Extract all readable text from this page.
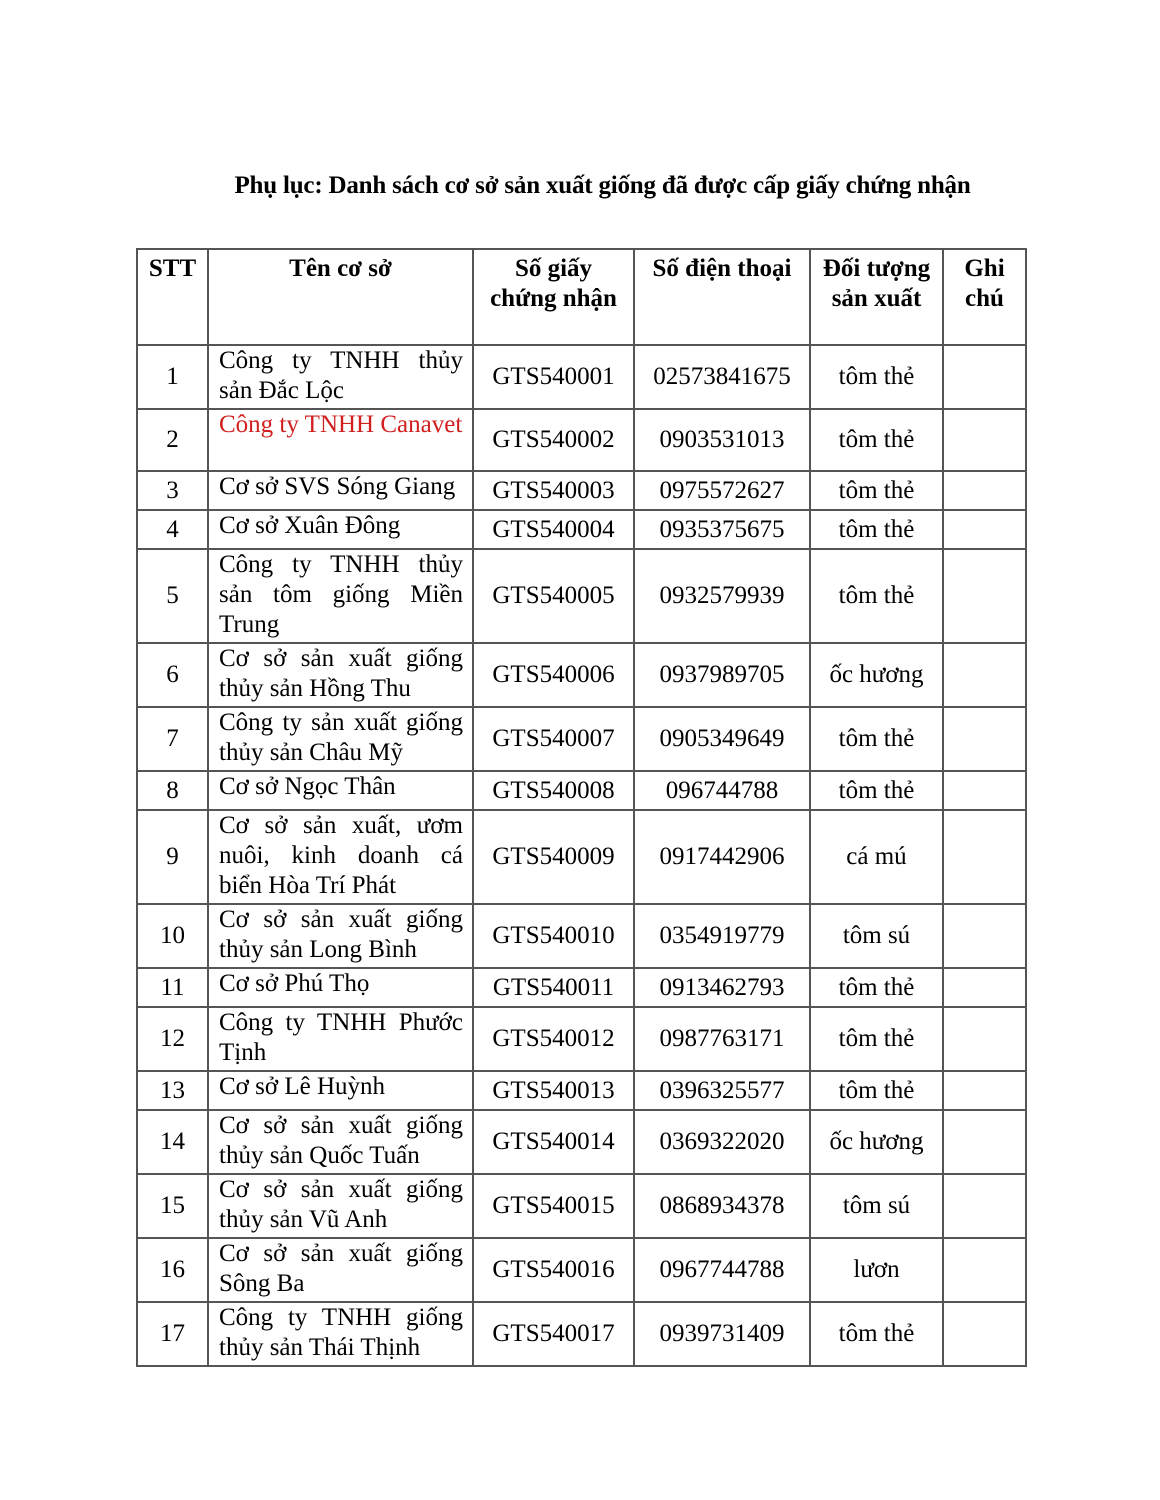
Phụ lục: Danh sách cơ sở sản xuất giống đã được cấp giấy chứng nhận
STT	Tên cơ sở	Số giấy chứng nhận	Số điện thoại	Đối tượng sản xuất	Ghi chú
1	Công ty TNHH thủy sản Đắc Lộc	GTS540001	02573841675	tôm thẻ	
2	Công ty TNHH Canavet	GTS540002	0903531013	tôm thẻ	
3	Cơ sở SVS Sóng Giang	GTS540003	0975572627	tôm thẻ	
4	Cơ sở Xuân Đông	GTS540004	0935375675	tôm thẻ	
5	Công ty TNHH thủy sản tôm giống Miền Trung	GTS540005	0932579939	tôm thẻ	
6	Cơ sở sản xuất giống thủy sản Hồng Thu	GTS540006	0937989705	ốc hương	
7	Công ty sản xuất giống thủy sản Châu Mỹ	GTS540007	0905349649	tôm thẻ	
8	Cơ sở Ngọc Thân	GTS540008	096744788	tôm thẻ	
9	Cơ sở sản xuất, ươm nuôi, kinh doanh cá biển Hòa Trí Phát	GTS540009	0917442906	cá mú	
10	Cơ sở sản xuất giống thủy sản Long Bình	GTS540010	0354919779	tôm sú	
11	Cơ sở Phú Thọ	GTS540011	0913462793	tôm thẻ	
12	Công ty TNHH Phước Tịnh	GTS540012	0987763171	tôm thẻ	
13	Cơ sở Lê Huỳnh	GTS540013	0396325577	tôm thẻ	
14	Cơ sở sản xuất giống thủy sản Quốc Tuấn	GTS540014	0369322020	ốc hương	
15	Cơ sở sản xuất giống thủy sản Vũ Anh	GTS540015	0868934378	tôm sú	
16	Cơ sở sản xuất giống Sông Ba	GTS540016	0967744788	lươn	
17	Công ty TNHH giống thủy sản Thái Thịnh	GTS540017	0939731409	tôm thẻ	
